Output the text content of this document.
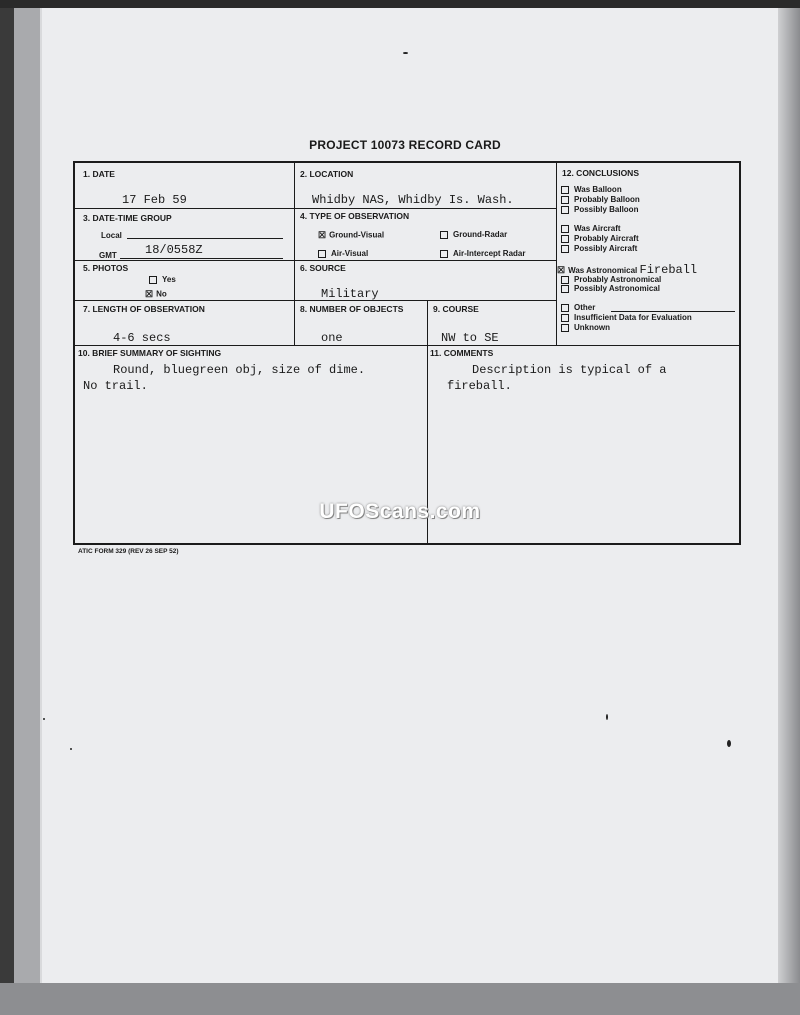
PROJECT 10073 RECORD CARD
1. DATE
17 Feb 59
2. LOCATION
Whidby NAS, Whidby Is. Wash.
3. DATE-TIME GROUP
Local
GMT 18/0558Z
4. TYPE OF OBSERVATION
☒ Ground-Visual	Ground-Radar
Air-Visual	Air-Intercept Radar
5. PHOTOS
Yes
☒ No
6. SOURCE
Military
7. LENGTH OF OBSERVATION
4-6 secs
8. NUMBER OF OBJECTS
one
9. COURSE
NW to SE
10. BRIEF SUMMARY OF SIGHTING
Round, bluegreen obj, size of dime.
No trail.
11. COMMENTS
Description is typical of a
fireball.
12. CONCLUSIONS
Was Balloon
Probably Balloon
Possibly Balloon
Was Aircraft
Probably Aircraft
Possibly Aircraft
☒ Was Astronomical Fireball
Probably Astronomical
Possibly Astronomical
Other
Insufficient Data for Evaluation
Unknown
UFOScans.com
ATIC FORM 329 (REV 26 SEP 52)
